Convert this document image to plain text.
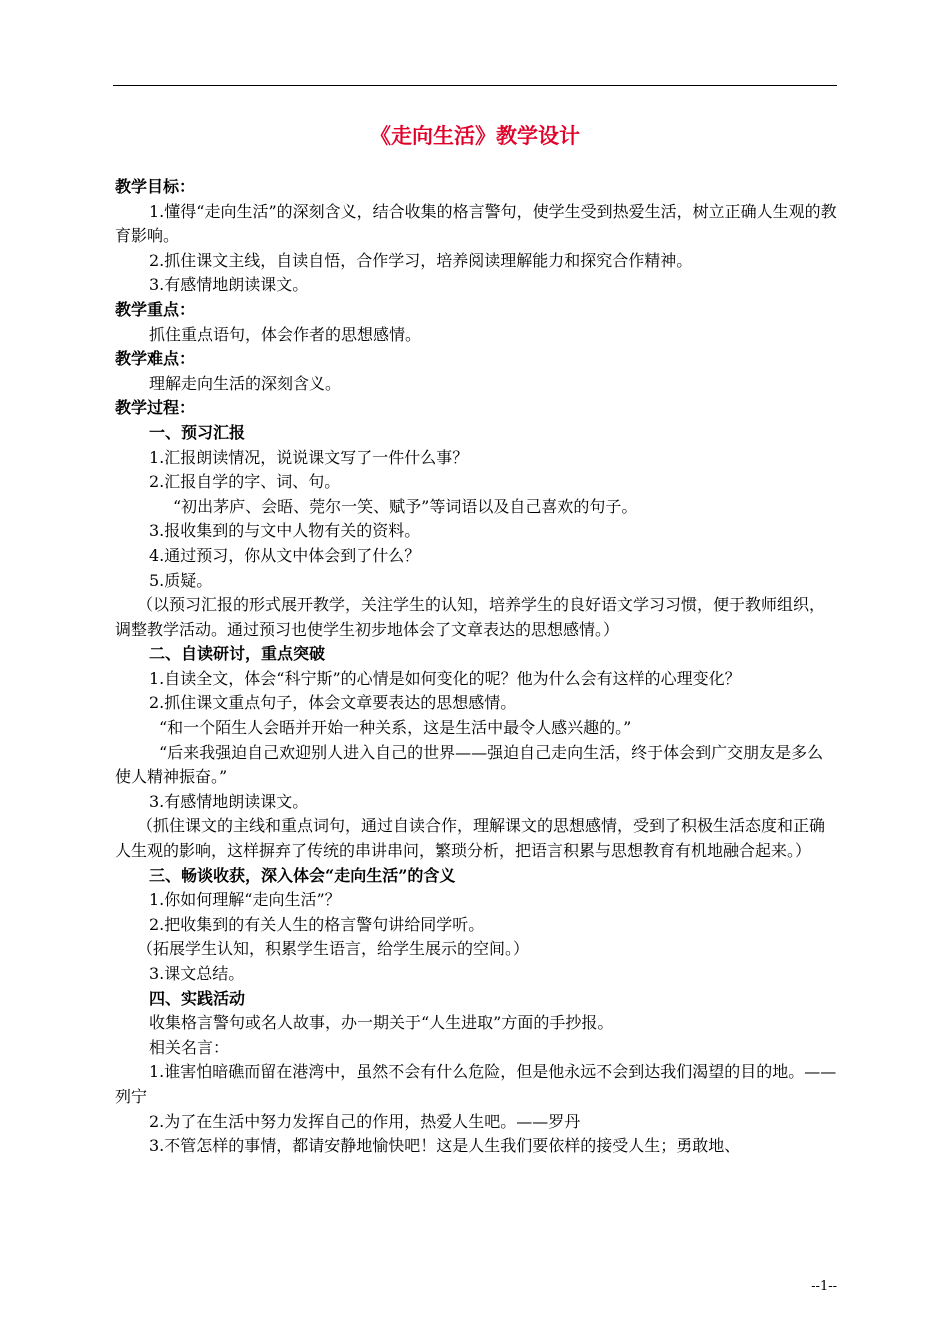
《走向生活》教学设计

教学目标：

1.懂得“走向生活”的深刻含义，结合收集的格言警句，使学生受到热爱生活，树立正确人生观的教育影响。

2.抓住课文主线，自读自悟，合作学习，培养阅读理解能力和探究合作精神。

3.有感情地朗读课文。

教学重点：

抓住重点语句，体会作者的思想感情。

教学难点：

理解走向生活的深刻含义。

教学过程：

一、预习汇报

1.汇报朗读情况，说说课文写了一件什么事？

2.汇报自学的字、词、句。

“初出茅庐、会晤、莞尔一笑、赋予”等词语以及自己喜欢的句子。

3.报收集到的与文中人物有关的资料。

4.通过预习，你从文中体会到了什么？

5.质疑。

（以预习汇报的形式展开教学，关注学生的认知，培养学生的良好语文学习习惯，便于教师组织，调整教学活动。通过预习也使学生初步地体会了文章表达的思想感情。）

二、自读研讨，重点突破

1.自读全文，体会“科宁斯”的心情是如何变化的呢？他为什么会有这样的心理变化？

2.抓住课文重点句子，体会文章要表达的思想感情。

“和一个陌生人会晤并开始一种关系，这是生活中最令人感兴趣的。”

“后来我强迫自己欢迎别人进入自己的世界——强迫自己走向生活，终于体会到广交朋友是多么使人精神振奋。”

3.有感情地朗读课文。

（抓住课文的主线和重点词句，通过自读合作，理解课文的思想感情，受到了积极生活态度和正确人生观的影响，这样摒弃了传统的串讲串问，繁琐分析，把语言积累与思想教育有机地融合起来。）

三、畅谈收获，深入体会“走向生活”的含义

1.你如何理解“走向生活”？

2.把收集到的有关人生的格言警句讲给同学听。

（拓展学生认知，积累学生语言，给学生展示的空间。）

3.课文总结。

四、实践活动

收集格言警句或名人故事，办一期关于“人生进取”方面的手抄报。

相关名言：

1.谁害怕暗礁而留在港湾中，虽然不会有什么危险，但是他永远不会到达我们渴望的目的地。——列宁

2.为了在生活中努力发挥自己的作用，热爱人生吧。——罗丹

3.不管怎样的事情，都请安静地愉快吧！这是人生我们要依样的接受人生；勇敢地、

--1--
